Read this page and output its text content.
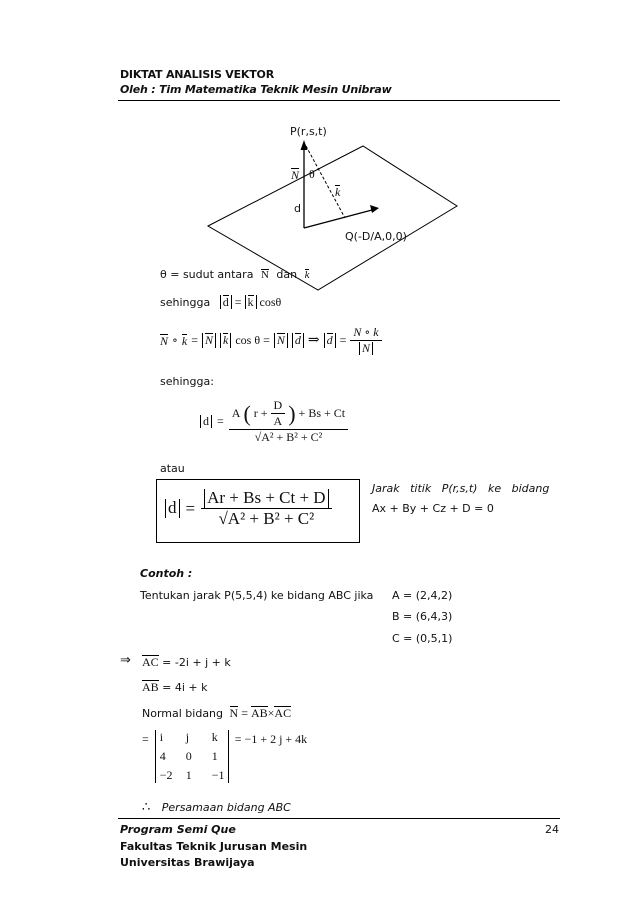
DIKTAT ANALISIS VEKTOR
Oleh : Tim Matematika Teknik Mesin Unibraw
P(r,s,t)
N θ
k
d
Q(-D/A,0,0)
θ = sudut antara N dan k
sehingga d = k cosθ
N ∘ k = N k cos θ = N d ⇒ $d = \frac{N \circ k}{N}$
sehingga:
d =
A ( $r + \frac{D}{A}$ ) + Bs + Ct
√A² + B² + C²
atau
$d = \frac{Ar + Bs + Ct + D}{\text{√A² + B² + C²}}$	Jarak   titik   P(r,s,t)   ke   bidang
Ax + By + Cz + D = 0
Contoh :
Tentukan jarak P(5,5,4) ke bidang ABC jika A = (2,4,2)
B = (6,4,3)
C = (0,5,1)
⇒ AC = -2i + j + k
AB = 4i + k
Normal bidang N = AB×AC
= i	j	k
4	0	1
−2 1	−1
= −1 + 2 j + 4k
∴ Persamaan bidang ABC
Program Semi Que	24
Fakultas Teknik Jurusan Mesin
Universitas Brawijaya
